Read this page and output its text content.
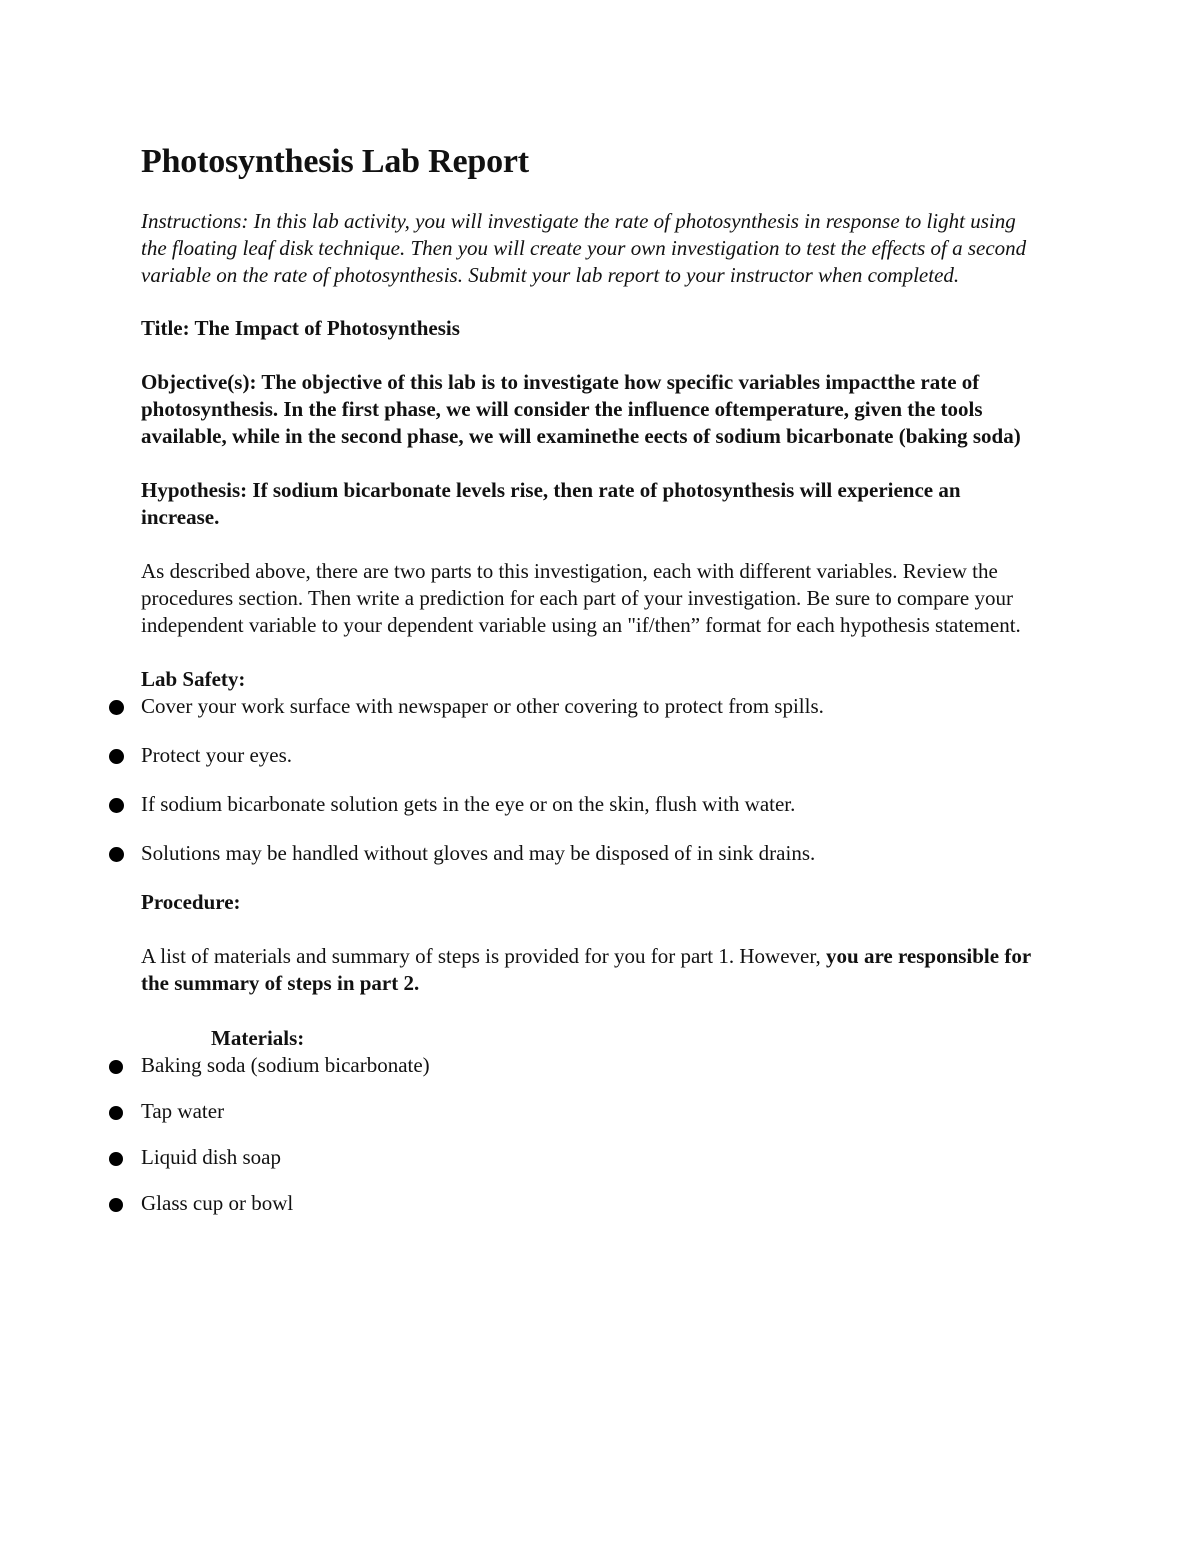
Photosynthesis Lab Report

Instructions: In this lab activity, you will investigate the rate of photosynthesis in response to light using the floating leaf disk technique. Then you will create your own investigation to test the effects of a second variable on the rate of photosynthesis. Submit your lab report to your instructor when completed.

Title: The Impact of Photosynthesis

Objective(s): The objective of this lab is to investigate how specific variables impactthe rate of photosynthesis. In the first phase, we will consider the influence oftemperature, given the tools available, while in the second phase, we will examinethe eects of sodium bicarbonate (baking soda)

Hypothesis: If sodium bicarbonate levels rise, then rate of photosynthesis will experience an increase.

As described above, there are two parts to this investigation, each with different variables. Review the procedures section. Then write a prediction for each part of your investigation. Be sure to compare your independent variable to your dependent variable using an "if/then” format for each hypothesis statement.

Lab Safety:

Cover your work surface with newspaper or other covering to protect from spills.
Protect your eyes.
If sodium bicarbonate solution gets in the eye or on the skin, flush with water.
Solutions may be handled without gloves and may be disposed of in sink drains.

Procedure:

A list of materials and summary of steps is provided for you for part 1. However, you are responsible for the summary of steps in part 2.

Materials:

Baking soda (sodium bicarbonate)
Tap water
Liquid dish soap
Glass cup or bowl
